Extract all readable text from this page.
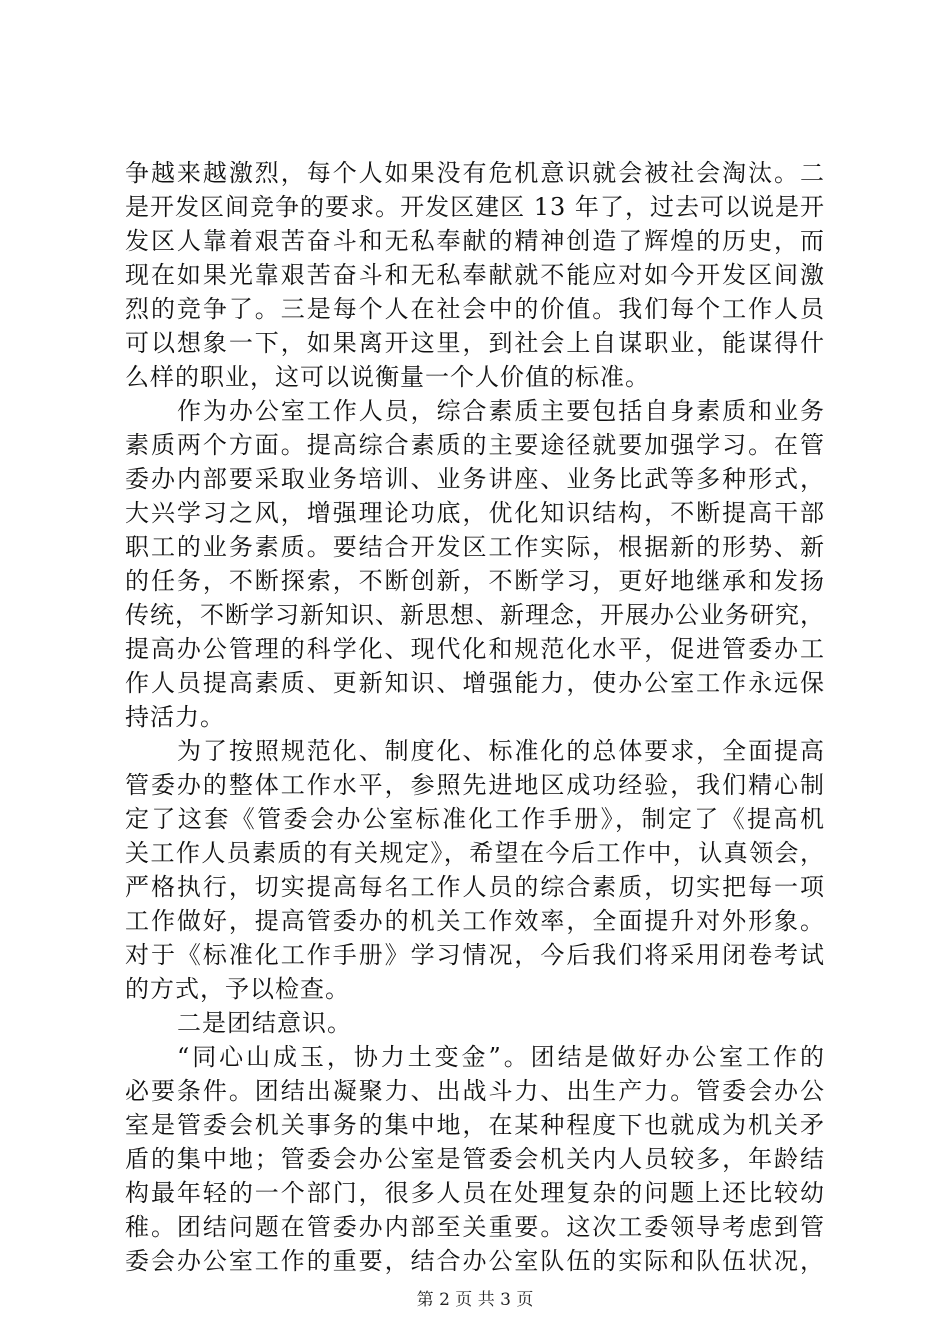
争越来越激烈，每个人如果没有危机意识就会被社会淘汰。二
是开发区间竞争的要求。开发区建区 13 年了，过去可以说是开
发区人靠着艰苦奋斗和无私奉献的精神创造了辉煌的历史，而
现在如果光靠艰苦奋斗和无私奉献就不能应对如今开发区间激
烈的竞争了。三是每个人在社会中的价值。我们每个工作人员
可以想象一下，如果离开这里，到社会上自谋职业，能谋得什
么样的职业，这可以说衡量一个人价值的标准。
作为办公室工作人员，综合素质主要包括自身素质和业务
素质两个方面。提高综合素质的主要途径就要加强学习。在管
委办内部要采取业务培训、业务讲座、业务比武等多种形式，
大兴学习之风，增强理论功底，优化知识结构，不断提高干部
职工的业务素质。要结合开发区工作实际，根据新的形势、新
的任务，不断探索，不断创新，不断学习，更好地继承和发扬
传统，不断学习新知识、新思想、新理念，开展办公业务研究，
提高办公管理的科学化、现代化和规范化水平，促进管委办工
作人员提高素质、更新知识、增强能力，使办公室工作永远保
持活力。
为了按照规范化、制度化、标准化的总体要求，全面提高
管委办的整体工作水平，参照先进地区成功经验，我们精心制
定了这套《管委会办公室标准化工作手册》，制定了《提高机
关工作人员素质的有关规定》，希望在今后工作中，认真领会，
严格执行，切实提高每名工作人员的综合素质，切实把每一项
工作做好，提高管委办的机关工作效率，全面提升对外形象。
对于《标准化工作手册》学习情况，今后我们将采用闭卷考试
的方式，予以检查。
二是团结意识。
“同心山成玉，协力土变金”。团结是做好办公室工作的
必要条件。团结出凝聚力、出战斗力、出生产力。管委会办公
室是管委会机关事务的集中地，在某种程度下也就成为机关矛
盾的集中地；管委会办公室是管委会机关内人员较多，年龄结
构最年轻的一个部门，很多人员在处理复杂的问题上还比较幼
稚。团结问题在管委办内部至关重要。这次工委领导考虑到管
委会办公室工作的重要，结合办公室队伍的实际和队伍状况，
第 2 页 共 3 页
